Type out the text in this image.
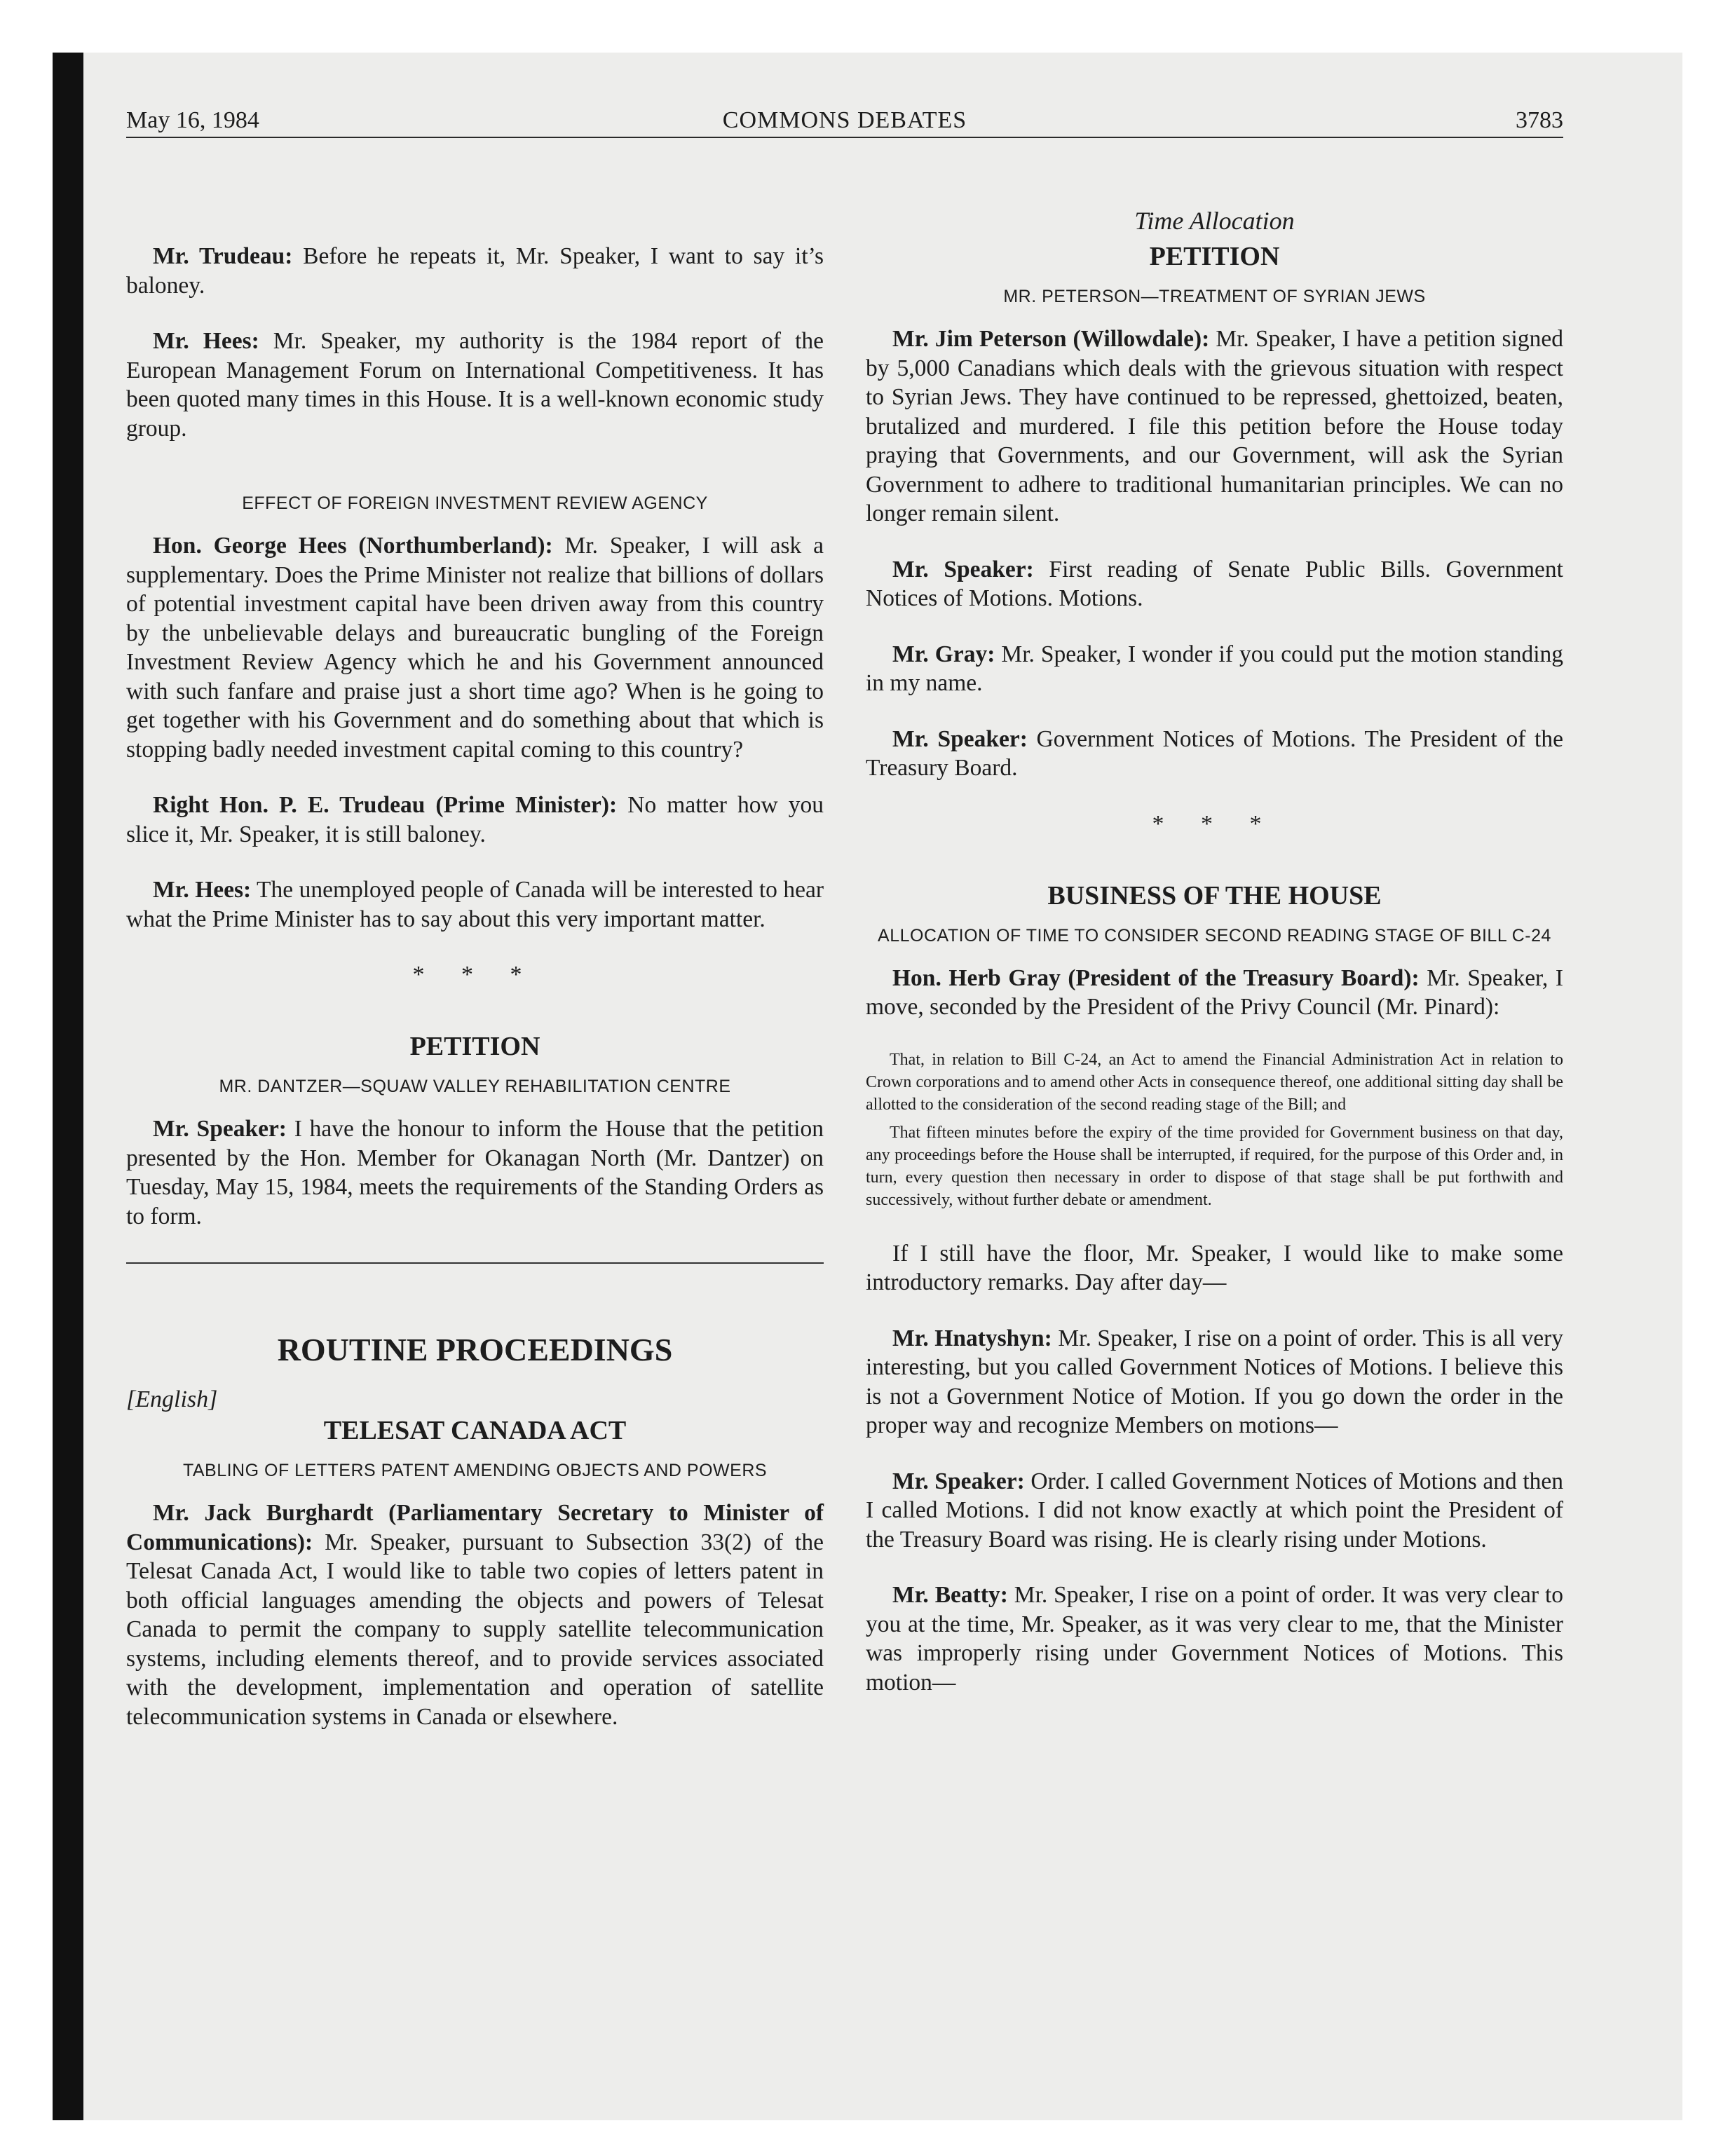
May 16, 1984	COMMONS DEBATES	3783

Mr. Trudeau: Before he repeats it, Mr. Speaker, I want to say it’s baloney.

Mr. Hees: Mr. Speaker, my authority is the 1984 report of the European Management Forum on International Competitiveness. It has been quoted many times in this House. It is a well-known economic study group.

EFFECT OF FOREIGN INVESTMENT REVIEW AGENCY

Hon. George Hees (Northumberland): Mr. Speaker, I will ask a supplementary. Does the Prime Minister not realize that billions of dollars of potential investment capital have been driven away from this country by the unbelievable delays and bureaucratic bungling of the Foreign Investment Review Agency which he and his Government announced with such fanfare and praise just a short time ago? When is he going to get together with his Government and do something about that which is stopping badly needed investment capital coming to this country?

Right Hon. P. E. Trudeau (Prime Minister): No matter how you slice it, Mr. Speaker, it is still baloney.

Mr. Hees: The unemployed people of Canada will be interested to hear what the Prime Minister has to say about this very important matter.

* * *
PETITION
MR. DANTZER—SQUAW VALLEY REHABILITATION CENTRE

Mr. Speaker: I have the honour to inform the House that the petition presented by the Hon. Member for Okanagan North (Mr. Dantzer) on Tuesday, May 15, 1984, meets the requirements of the Standing Orders as to form.

ROUTINE PROCEEDINGS
[English]
TELESAT CANADA ACT
TABLING OF LETTERS PATENT AMENDING OBJECTS AND POWERS

Mr. Jack Burghardt (Parliamentary Secretary to Minister of Communications): Mr. Speaker, pursuant to Subsection 33(2) of the Telesat Canada Act, I would like to table two copies of letters patent in both official languages amending the objects and powers of Telesat Canada to permit the company to supply satellite telecommunication systems, including elements thereof, and to provide services associated with the development, implementation and operation of satellite telecommunication systems in Canada or elsewhere.

Time Allocation
PETITION
MR. PETERSON—TREATMENT OF SYRIAN JEWS

Mr. Jim Peterson (Willowdale): Mr. Speaker, I have a petition signed by 5,000 Canadians which deals with the grievous situation with respect to Syrian Jews. They have continued to be repressed, ghettoized, beaten, brutalized and murdered. I file this petition before the House today praying that Governments, and our Government, will ask the Syrian Government to adhere to traditional humanitarian principles. We can no longer remain silent.

Mr. Speaker: First reading of Senate Public Bills. Government Notices of Motions. Motions.

Mr. Gray: Mr. Speaker, I wonder if you could put the motion standing in my name.

Mr. Speaker: Government Notices of Motions. The President of the Treasury Board.

* * *
BUSINESS OF THE HOUSE
ALLOCATION OF TIME TO CONSIDER SECOND READING STAGE OF BILL C-24

Hon. Herb Gray (President of the Treasury Board): Mr. Speaker, I move, seconded by the President of the Privy Council (Mr. Pinard):

That, in relation to Bill C-24, an Act to amend the Financial Administration Act in relation to Crown corporations and to amend other Acts in consequence thereof, one additional sitting day shall be allotted to the consideration of the second reading stage of the Bill; and

That fifteen minutes before the expiry of the time provided for Government business on that day, any proceedings before the House shall be interrupted, if required, for the purpose of this Order and, in turn, every question then necessary in order to dispose of that stage shall be put forthwith and successively, without further debate or amendment.

If I still have the floor, Mr. Speaker, I would like to make some introductory remarks. Day after day—

Mr. Hnatyshyn: Mr. Speaker, I rise on a point of order. This is all very interesting, but you called Government Notices of Motions. I believe this is not a Government Notice of Motion. If you go down the order in the proper way and recognize Members on motions—

Mr. Speaker: Order. I called Government Notices of Motions and then I called Motions. I did not know exactly at which point the President of the Treasury Board was rising. He is clearly rising under Motions.

Mr. Beatty: Mr. Speaker, I rise on a point of order. It was very clear to you at the time, Mr. Speaker, as it was very clear to me, that the Minister was improperly rising under Government Notices of Motions. This motion—
